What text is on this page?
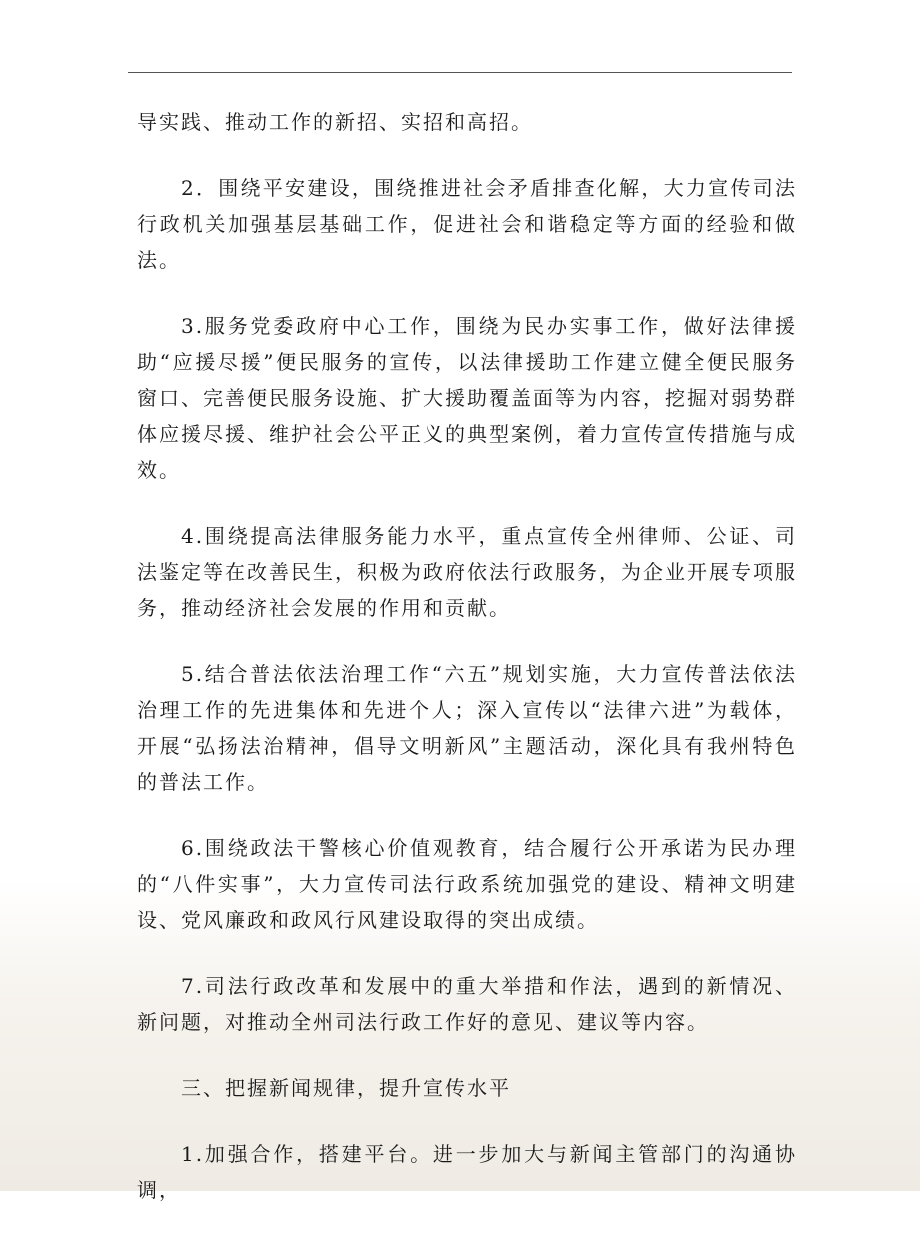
导实践、推动工作的新招、实招和高招。

2．围绕平安建设，围绕推进社会矛盾排查化解，大力宣传司法行政机关加强基层基础工作，促进社会和谐稳定等方面的经验和做法。

3.服务党委政府中心工作，围绕为民办实事工作，做好法律援助“应援尽援”便民服务的宣传，以法律援助工作建立健全便民服务窗口、完善便民服务设施、扩大援助覆盖面等为内容，挖掘对弱势群体应援尽援、维护社会公平正义的典型案例，着力宣传宣传措施与成效。

4.围绕提高法律服务能力水平，重点宣传全州律师、公证、司法鉴定等在改善民生，积极为政府依法行政服务，为企业开展专项服务，推动经济社会发展的作用和贡献。

5.结合普法依法治理工作“六五”规划实施，大力宣传普法依法治理工作的先进集体和先进个人；深入宣传以“法律六进”为载体，开展“弘扬法治精神，倡导文明新风”主题活动，深化具有我州特色的普法工作。

6.围绕政法干警核心价值观教育，结合履行公开承诺为民办理的“八件实事”，大力宣传司法行政系统加强党的建设、精神文明建设、党风廉政和政风行风建设取得的突出成绩。

7.司法行政改革和发展中的重大举措和作法，遇到的新情况、新问题，对推动全州司法行政工作好的意见、建议等内容。

三、把握新闻规律，提升宣传水平

1.加强合作，搭建平台。进一步加大与新闻主管部门的沟通协调，
